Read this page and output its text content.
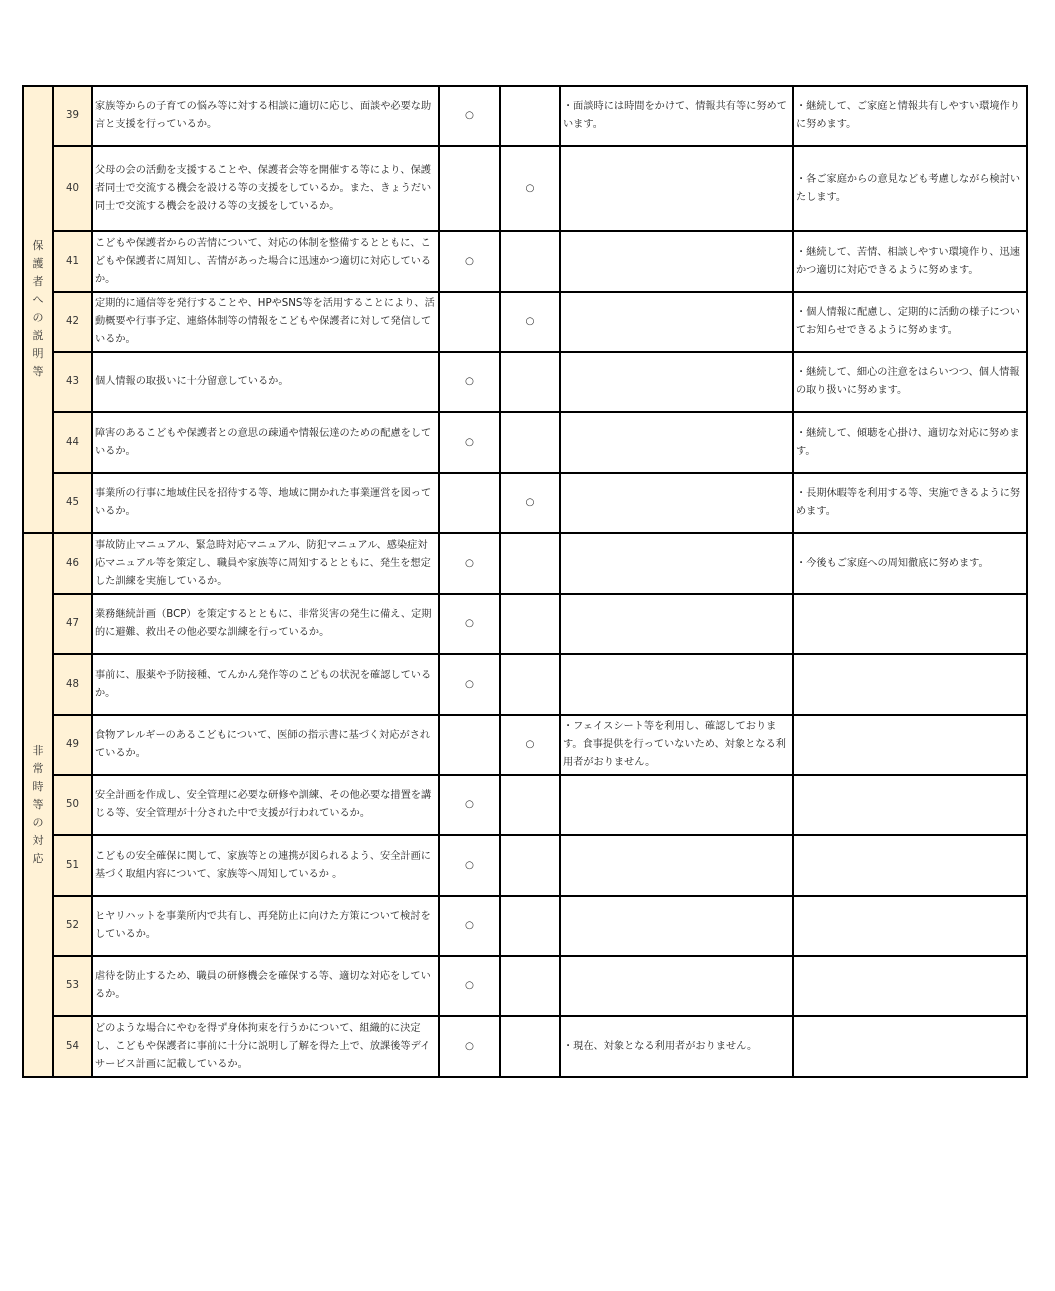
保護者への説明等	39	家族等からの子育ての悩み等に対する相談に適切に応じ、面談や必要な助言と支援を行っているか。	○		・面談時には時間をかけて、情報共有等に努めています。	・継続して、ご家庭と情報共有しやすい環境作りに努めます。
	40	父母の会の活動を支援することや、保護者会等を開催する等により、保護者同士で交流する機会を設ける等の支援をしているか。また、きょうだい同士で交流する機会を設ける等の支援をしているか。		○		・各ご家庭からの意見なども考慮しながら検討いたします。
	41	こどもや保護者からの苦情について、対応の体制を整備するとともに、こどもや保護者に周知し、苦情があった場合に迅速かつ適切に対応しているか。	○			・継続して、苦情、相談しやすい環境作り、迅速かつ適切に対応できるように努めます。
	42	定期的に通信等を発行することや、HPやSNS等を活用することにより、活動概要や行事予定、連絡体制等の情報をこどもや保護者に対して発信しているか。		○		・個人情報に配慮し、定期的に活動の様子についてお知らせできるように努めます。
	43	個人情報の取扱いに十分留意しているか。	○			・継続して、細心の注意をはらいつつ、個人情報の取り扱いに努めます。
	44	障害のあるこどもや保護者との意思の疎通や情報伝達のための配慮をしているか。	○			・継続して、傾聴を心掛け、適切な対応に努めます。
	45	事業所の行事に地域住民を招待する等、地域に開かれた事業運営を図っているか。		○		・長期休暇等を利用する等、実施できるように努めます。
非常時等の対応	46	事故防止マニュアル、緊急時対応マニュアル、防犯マニュアル、感染症対応マニュアル等を策定し、職員や家族等に周知するとともに、発生を想定した訓練を実施しているか。	○			・今後もご家庭への周知徹底に努めます。
	47	業務継続計画（BCP）を策定するとともに、非常災害の発生に備え、定期的に避難、救出その他必要な訓練を行っているか。	○			
	48	事前に、服薬や予防接種、てんかん発作等のこどもの状況を確認しているか。	○			
	49	食物アレルギーのあるこどもについて、医師の指示書に基づく対応がされているか。		○	・フェイスシート等を利用し、確認しております。食事提供を行っていないため、対象となる利用者がおりません。	
	50	安全計画を作成し、安全管理に必要な研修や訓練、その他必要な措置を講じる等、安全管理が十分された中で支援が行われているか。	○			
	51	こどもの安全確保に関して、家族等との連携が図られるよう、安全計画に基づく取組内容について、家族等へ周知しているか 。	○			
	52	ヒヤリハットを事業所内で共有し、再発防止に向けた方策について検討をしているか。	○			
	53	虐待を防止するため、職員の研修機会を確保する等、適切な対応をしているか。	○			
	54	どのような場合にやむを得ず身体拘束を行うかについて、組織的に決定し、こどもや保護者に事前に十分に説明し了解を得た上で、放課後等デイサービス計画に記載しているか。	○		・現在、対象となる利用者がおりません。	
